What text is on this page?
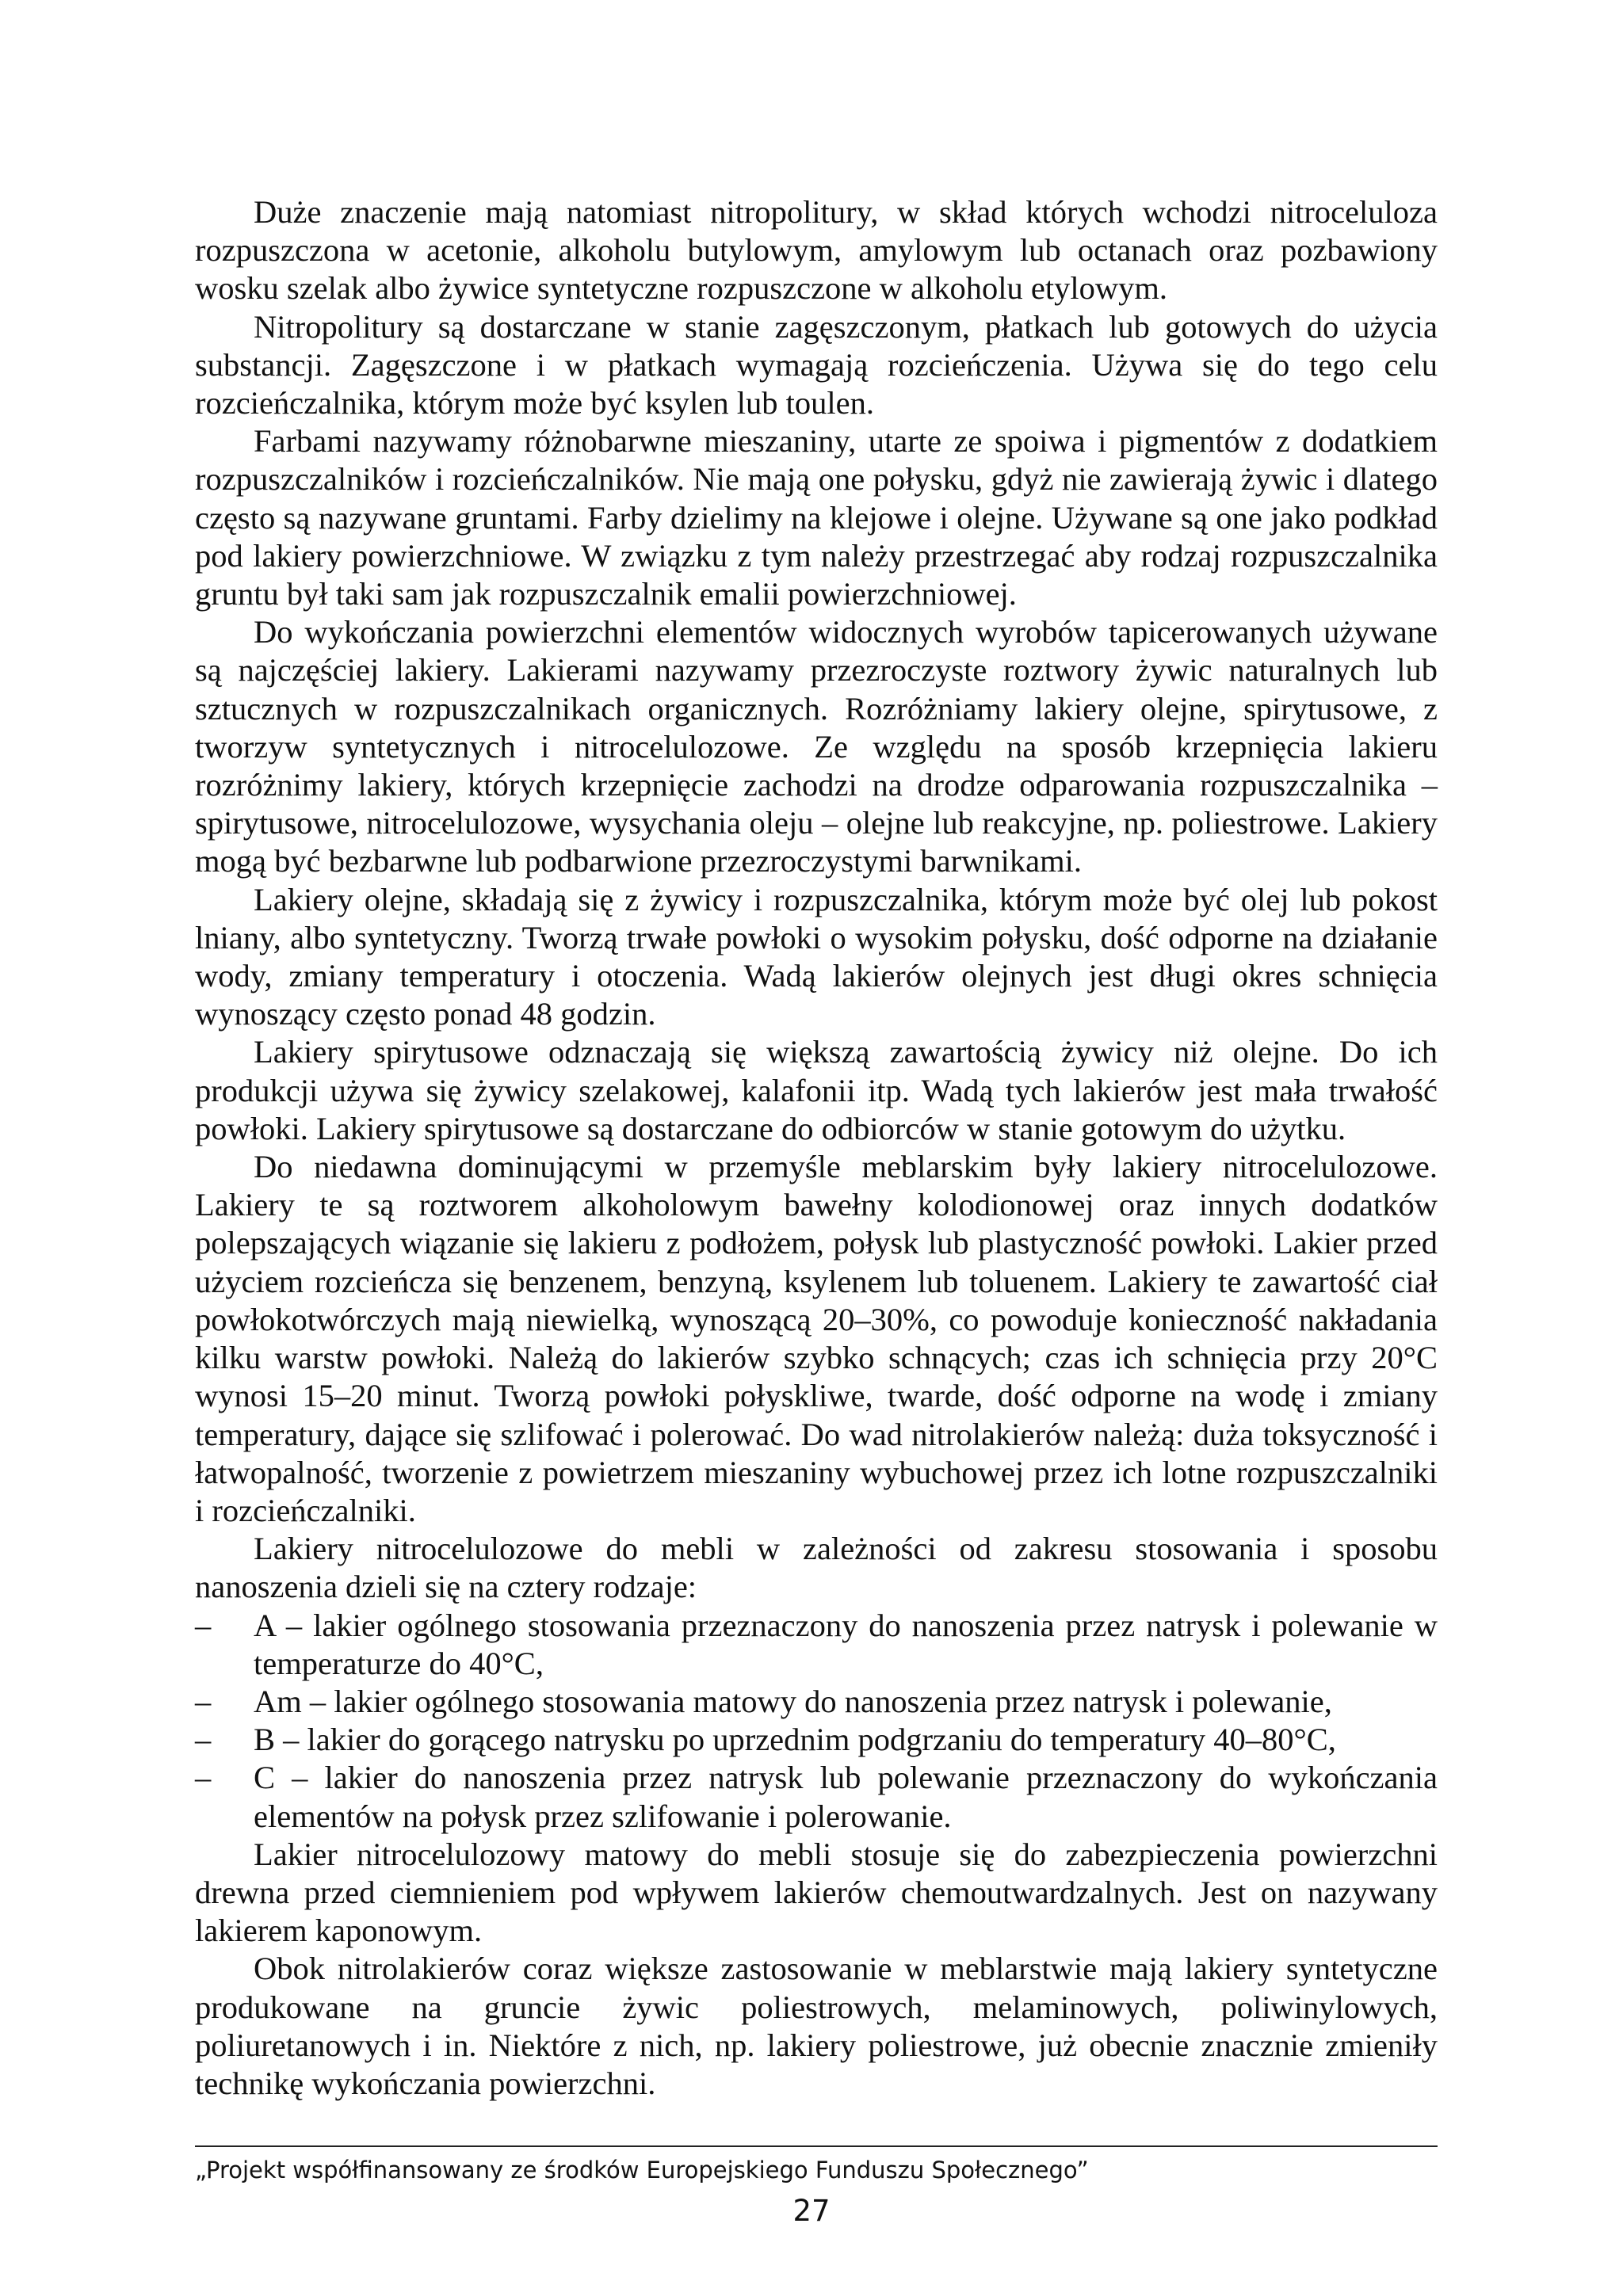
Duże znaczenie mają natomiast nitropolitury, w skład których wchodzi nitroceluloza rozpuszczona w acetonie, alkoholu butylowym, amylowym lub octanach oraz pozbawiony wosku szelak albo żywice syntetyczne rozpuszczone w alkoholu etylowym.

Nitropolitury są dostarczane w stanie zagęszczonym, płatkach lub gotowych do użycia substancji. Zagęszczone i w płatkach wymagają rozcieńczenia. Używa się do tego celu rozcieńczalnika, którym może być ksylen lub toulen.

Farbami nazywamy różnobarwne mieszaniny, utarte ze spoiwa i pigmentów z dodatkiem rozpuszczalników i rozcieńczalników. Nie mają one połysku, gdyż nie zawierają żywic i dlatego często są nazywane gruntami. Farby dzielimy na klejowe i olejne. Używane są one jako podkład pod lakiery powierzchniowe. W związku z tym należy przestrzegać aby rodzaj rozpuszczalnika gruntu był taki sam jak rozpuszczalnik emalii powierzchniowej.

Do wykończania powierzchni elementów widocznych wyrobów tapicerowanych używane są najczęściej lakiery. Lakierami nazywamy przezroczyste roztwory żywic naturalnych lub sztucznych w rozpuszczalnikach organicznych. Rozróżniamy lakiery olejne, spirytusowe, z tworzyw syntetycznych i nitrocelulozowe. Ze względu na sposób krzepnięcia lakieru rozróżnimy lakiery, których krzepnięcie zachodzi na drodze odparowania rozpuszczalnika – spirytusowe, nitrocelulozowe, wysychania oleju – olejne lub reakcyjne, np. poliestrowe. Lakiery mogą być bezbarwne lub podbarwione przezroczystymi barwnikami.

Lakiery olejne, składają się z żywicy i rozpuszczalnika, którym może być olej lub pokost lniany, albo syntetyczny. Tworzą trwałe powłoki o wysokim połysku, dość odporne na działanie wody, zmiany temperatury i otoczenia. Wadą lakierów olejnych jest długi okres schnięcia wynoszący często ponad 48 godzin.

Lakiery spirytusowe odznaczają się większą zawartością żywicy niż olejne. Do ich produkcji używa się żywicy szelakowej, kalafonii itp. Wadą tych lakierów jest mała trwałość powłoki. Lakiery spirytusowe są dostarczane do odbiorców w stanie gotowym do użytku.

Do niedawna dominującymi w przemyśle meblarskim były lakiery nitrocelulozowe. Lakiery te są roztworem alkoholowym bawełny kolodionowej oraz innych dodatków polepszających wiązanie się lakieru z podłożem, połysk lub plastyczność powłoki. Lakier przed użyciem rozcieńcza się benzenem, benzyną, ksylenem lub toluenem. Lakiery te zawartość ciał powłokotwórczych mają niewielką, wynoszącą 20–30%, co powoduje konieczność nakładania kilku warstw powłoki. Należą do lakierów szybko schnących; czas ich schnięcia przy 20°C wynosi 15–20 minut. Tworzą powłoki połyskliwe, twarde, dość odporne na wodę i zmiany temperatury, dające się szlifować i polerować. Do wad nitrolakierów należą: duża toksyczność i łatwopalność, tworzenie z powietrzem mieszaniny wybuchowej przez ich lotne rozpuszczalniki i rozcieńczalniki.

Lakiery nitrocelulozowe do mebli w zależności od zakresu stosowania i sposobu nanoszenia dzieli się na cztery rodzaje:

– A – lakier ogólnego stosowania przeznaczony do nanoszenia przez natrysk i polewanie w temperaturze do 40°C,
– Am – lakier ogólnego stosowania matowy do nanoszenia przez natrysk i polewanie,
– B – lakier do gorącego natrysku po uprzednim podgrzaniu do temperatury 40–80°C,
– C – lakier do nanoszenia przez natrysk lub polewanie przeznaczony do wykończania elementów na połysk przez szlifowanie i polerowanie.

Lakier nitrocelulozowy matowy do mebli stosuje się do zabezpieczenia powierzchni drewna przed ciemnieniem pod wpływem lakierów chemoutwardzalnych. Jest on nazywany lakierem kaponowym.

Obok nitrolakierów coraz większe zastosowanie w meblarstwie mają lakiery syntetyczne produkowane na gruncie żywic poliestrowych, melaminowych, poliwinylowych, poliuretanowych i in. Niektóre z nich, np. lakiery poliestrowe, już obecnie znacznie zmieniły technikę wykończania powierzchni.

„Projekt współfinansowany ze środków Europejskiego Funduszu Społecznego”
27
